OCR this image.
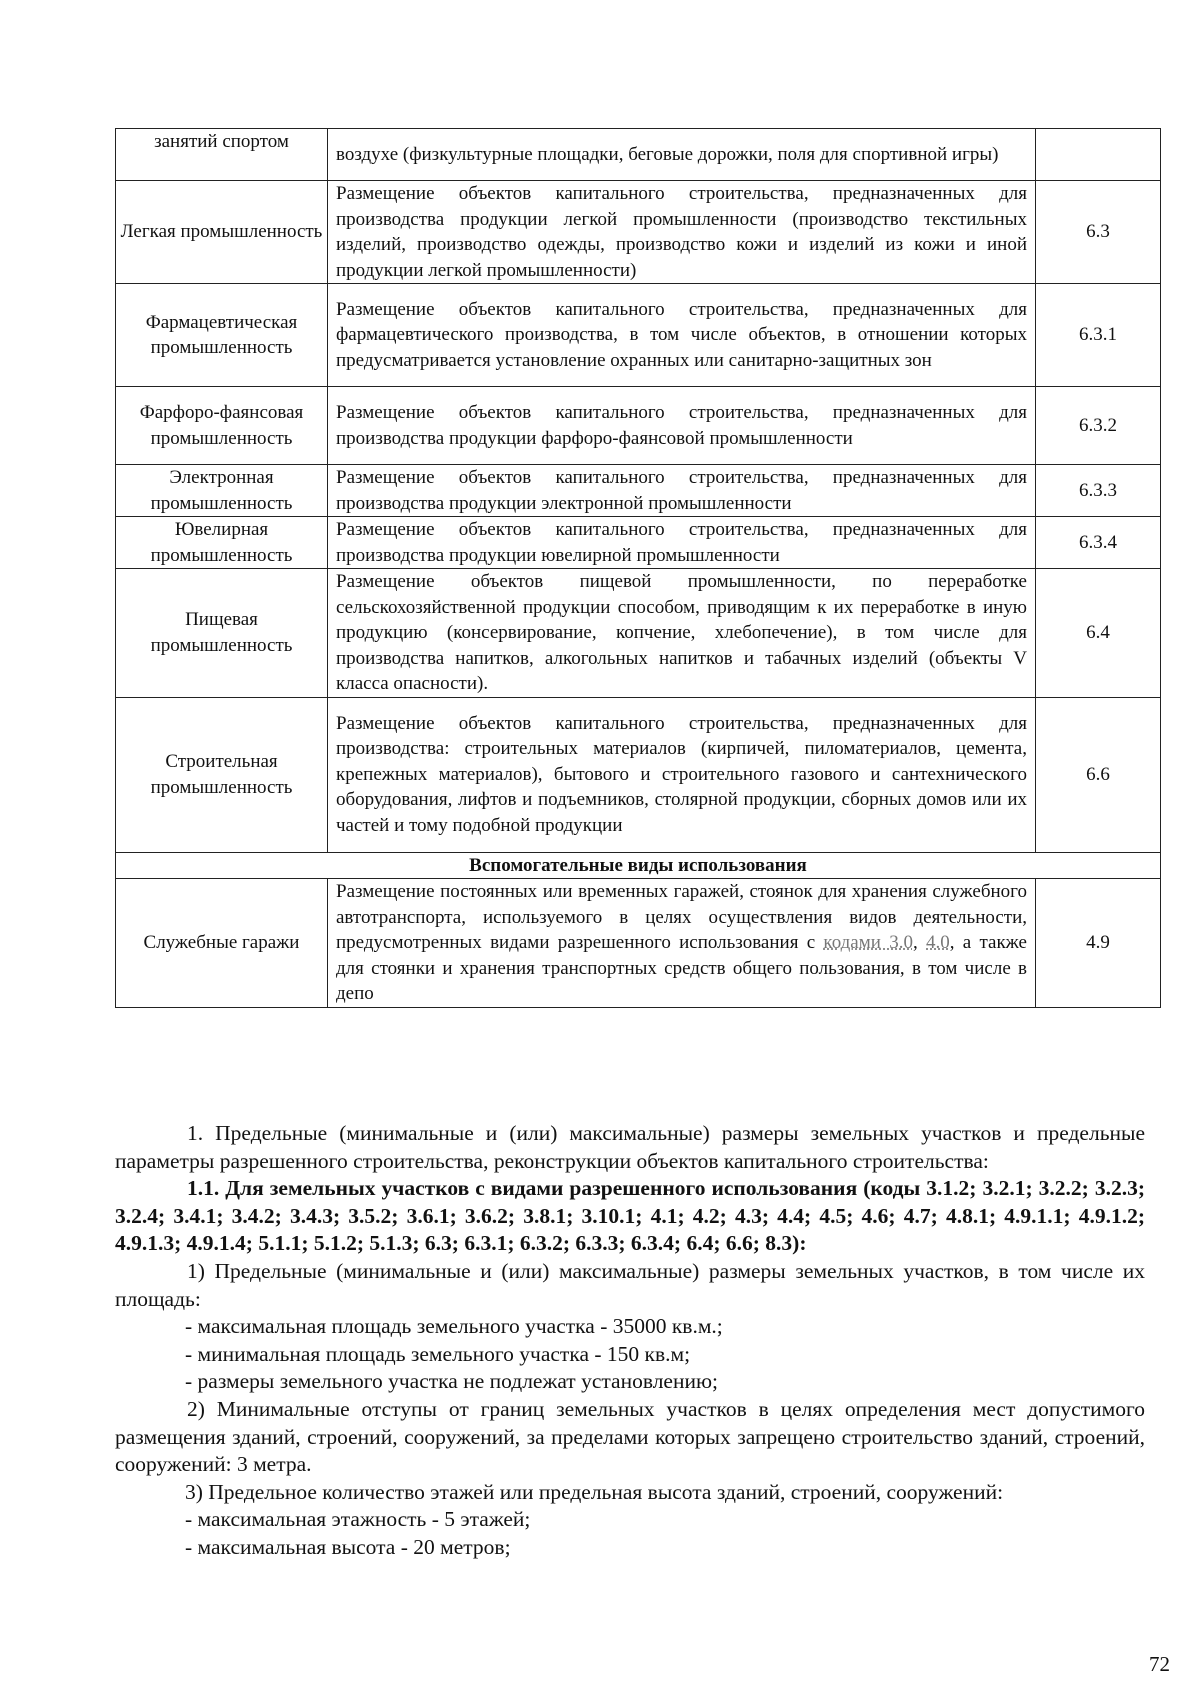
занятий спортом	воздухе (физкультурные площадки, беговые дорожки, поля для спортивной игры)	
Легкая промышленность	Размещение объектов капитального строительства, предназначенных для производства продукции легкой промышленности (производство текстильных изделий, производство одежды, производство кожи и изделий из кожи и иной продукции легкой промышленности)	6.3
Фармацевтическая промышленность	Размещение объектов капитального строительства, предназначенных для фармацевтического производства, в том числе объектов, в отношении которых предусматривается установление охранных или санитарно-защитных зон	6.3.1
Фарфоро-фаянсовая промышленность	Размещение объектов капитального строительства, предназначенных для производства продукции фарфоро-фаянсовой промышленности	6.3.2
Электронная промышленность	Размещение объектов капитального строительства, предназначенных для производства продукции электронной промышленности	6.3.3
Ювелирная промышленность	Размещение объектов капитального строительства, предназначенных для производства продукции ювелирной промышленности	6.3.4
Пищевая промышленность	Размещение объектов пищевой промышленности, по переработке сельскохозяйственной продукции способом, приводящим к их переработке в иную продукцию (консервирование, копчение, хлебопечение), в том числе для производства напитков, алкогольных напитков и табачных изделий (объекты V класса опасности).	6.4
Строительная промышленность	Размещение объектов капитального строительства, предназначенных для производства: строительных материалов (кирпичей, пиломатериалов, цемента, крепежных материалов), бытового и строительного газового и сантехнического оборудования, лифтов и подъемников, столярной продукции, сборных домов или их частей и тому подобной продукции	6.6
Вспомогательные виды использования		
Служебные гаражи	Размещение постоянных или временных гаражей, стоянок для хранения служебного автотранспорта, используемого в целях осуществления видов деятельности, предусмотренных видами разрешенного использования с кодами 3.0, 4.0, а также для стоянки и хранения транспортных средств общего пользования, в том числе в депо	4.9

1. Предельные (минимальные и (или) максимальные) размеры земельных участков и предельные параметры разрешенного строительства, реконструкции объектов капитального строительства:

1.1. Для земельных участков с видами разрешенного использования (коды 3.1.2; 3.2.1; 3.2.2; 3.2.3; 3.2.4; 3.4.1; 3.4.2; 3.4.3; 3.5.2; 3.6.1; 3.6.2; 3.8.1; 3.10.1; 4.1; 4.2; 4.3; 4.4; 4.5; 4.6; 4.7; 4.8.1; 4.9.1.1; 4.9.1.2; 4.9.1.3; 4.9.1.4; 5.1.1; 5.1.2; 5.1.3; 6.3; 6.3.1; 6.3.2; 6.3.3; 6.3.4; 6.4; 6.6; 8.3):

1) Предельные (минимальные и (или) максимальные) размеры земельных участков, в том числе их площадь:

- максимальная площадь земельного участка - 35000 кв.м.;

- минимальная площадь земельного участка - 150 кв.м;

- размеры земельного участка не подлежат установлению;

2) Минимальные отступы от границ земельных участков в целях определения мест допустимого размещения зданий, строений, сооружений, за пределами которых запрещено строительство зданий, строений, сооружений: 3 метра.

3) Предельное количество этажей или предельная высота зданий, строений, сооружений:

- максимальная этажность - 5 этажей;

- максимальная высота - 20 метров;

72
